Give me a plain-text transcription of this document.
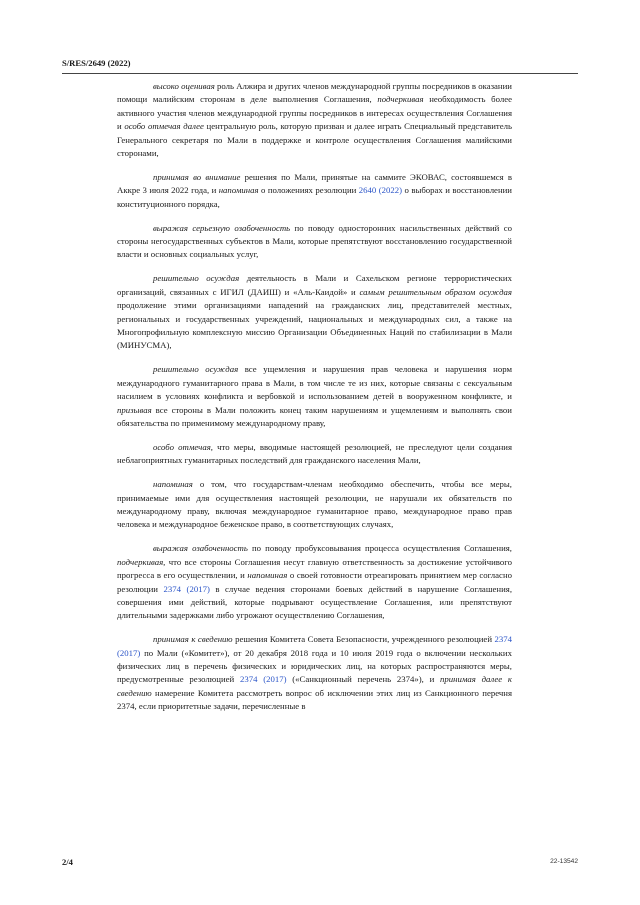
S/RES/2649 (2022)

высоко оценивая роль Алжира и других членов международной группы посредников в оказании помощи малийским сторонам в деле выполнения Соглашения, подчеркивая необходимость более активного участия членов международной группы посредников в интересах осуществления Соглашения и особо отмечая далее центральную роль, которую призван и далее играть Специальный представитель Генерального секретаря по Мали в поддержке и контроле осуществления Соглашения малийскими сторонами,

принимая во внимание решения по Мали, принятые на саммите ЭКОВАС, состоявшемся в Аккре 3 июля 2022 года, и напоминая о положениях резолюции 2640 (2022) о выборах и восстановлении конституционного порядка,

выражая серьезную озабоченность по поводу односторонних насильственных действий со стороны негосударственных субъектов в Мали, которые препятствуют восстановлению государственной власти и основных социальных услуг,

решительно осуждая деятельность в Мали и Сахельском регионе террористических организаций, связанных с ИГИЛ (ДАИШ) и «Аль-Каидой» и самым решительным образом осуждая продолжение этими организациями нападений на гражданских лиц, представителей местных, региональных и государственных учреждений, национальных и международных сил, а также на Многопрофильную комплексную миссию Организации Объединенных Наций по стабилизации в Мали (МИНУСМА),

решительно осуждая все ущемления и нарушения прав человека и нарушения норм международного гуманитарного права в Мали, в том числе те из них, которые связаны с сексуальным насилием в условиях конфликта и вербовкой и использованием детей в вооруженном конфликте, и призывая все стороны в Мали положить конец таким нарушениям и ущемлениям и выполнять свои обязательства по применимому международному праву,

особо отмечая, что меры, вводимые настоящей резолюцией, не преследуют цели создания неблагоприятных гуманитарных последствий для гражданского населения Мали,

напоминая о том, что государствам-членам необходимо обеспечить, чтобы все меры, принимаемые ими для осуществления настоящей резолюции, не нарушали их обязательств по международному праву, включая международное гуманитарное право, международное право прав человека и международное беженское право, в соответствующих случаях,

выражая озабоченность по поводу пробуксовывания процесса осуществления Соглашения, подчеркивая, что все стороны Соглашения несут главную ответственность за достижение устойчивого прогресса в его осуществлении, и напоминая о своей готовности отреагировать принятием мер согласно резолюции 2374 (2017) в случае ведения сторонами боевых действий в нарушение Соглашения, совершения ими действий, которые подрывают осуществление Соглашения, или препятствуют длительными задержками либо угрожают осуществлению Соглашения,

принимая к сведению решения Комитета Совета Безопасности, учрежденного резолюцией 2374 (2017) по Мали («Комитет»), от 20 декабря 2018 года и 10 июля 2019 года о включении нескольких физических лиц в перечень физических и юридических лиц, на которых распространяются меры, предусмотренные резолюцией 2374 (2017) («Санкционный перечень 2374»), и принимая далее к сведению намерение Комитета рассмотреть вопрос об исключении этих лиц из Санкционного перечня 2374, если приоритетные задачи, перечисленные в

2/4	22-13542
